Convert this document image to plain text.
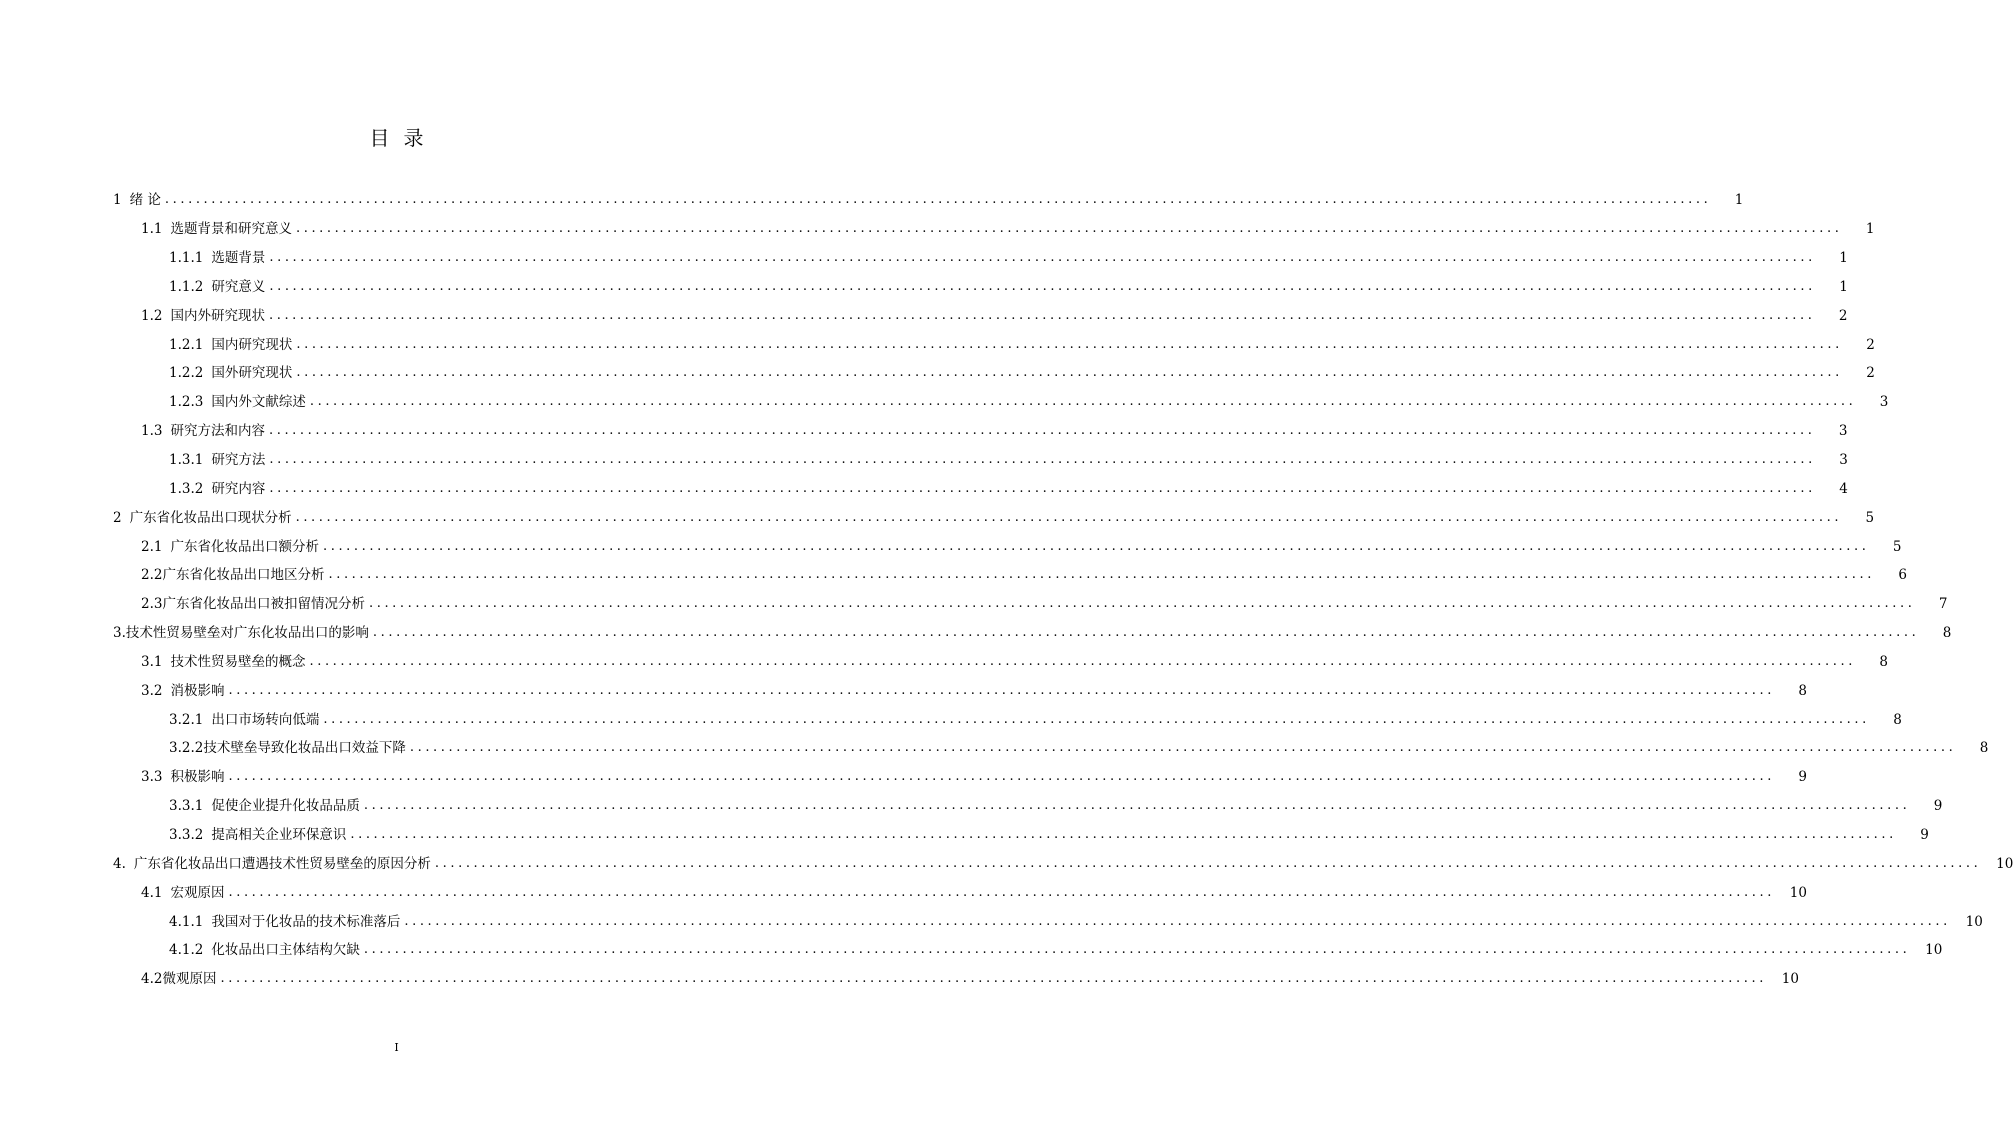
目录
1 绪 论 ........................................................................................................................................................................................................	1
1.1 选题背景和研究意义 ........................................................................................................................................................................................................	1
1.1.1 选题背景 ........................................................................................................................................................................................................	1
1.1.2 研究意义 ........................................................................................................................................................................................................	1
1.2 国内外研究现状 ........................................................................................................................................................................................................	2
1.2.1 国内研究现状 ........................................................................................................................................................................................................	2
1.2.2 国外研究现状 ........................................................................................................................................................................................................	2
1.2.3 国内外文献综述 ........................................................................................................................................................................................................	3
1.3 研究方法和内容 ........................................................................................................................................................................................................	3
1.3.1 研究方法 ........................................................................................................................................................................................................	3
1.3.2 研究内容 ........................................................................................................................................................................................................	4
2 广东省化妆品出口现状分析 ........................................................................................................................................................................................................	5
2.1 广东省化妆品出口额分析 ........................................................................................................................................................................................................	5
2.2广东省化妆品出口地区分析 ........................................................................................................................................................................................................	6
2.3广东省化妆品出口被扣留情况分析 ........................................................................................................................................................................................................	7
3.技术性贸易壁垒对广东化妆品出口的影响 ........................................................................................................................................................................................................	8
3.1 技术性贸易壁垒的概念 ........................................................................................................................................................................................................	8
3.2 消极影响 ........................................................................................................................................................................................................	8
3.2.1 出口市场转向低端 ........................................................................................................................................................................................................	8
3.2.2技术壁垒导致化妆品出口效益下降 ........................................................................................................................................................................................................	8
3.3 积极影响 ........................................................................................................................................................................................................	9
3.3.1 促使企业提升化妆品品质 ........................................................................................................................................................................................................	9
3.3.2 提高相关企业环保意识 ........................................................................................................................................................................................................	9
4. 广东省化妆品出口遭遇技术性贸易壁垒的原因分析 ........................................................................................................................................................................................................	10
4.1 宏观原因 ........................................................................................................................................................................................................	10
4.1.1 我国对于化妆品的技术标准落后 ........................................................................................................................................................................................................	10
4.1.2 化妆品出口主体结构欠缺 ........................................................................................................................................................................................................	10
4.2微观原因 ........................................................................................................................................................................................................	10
I
